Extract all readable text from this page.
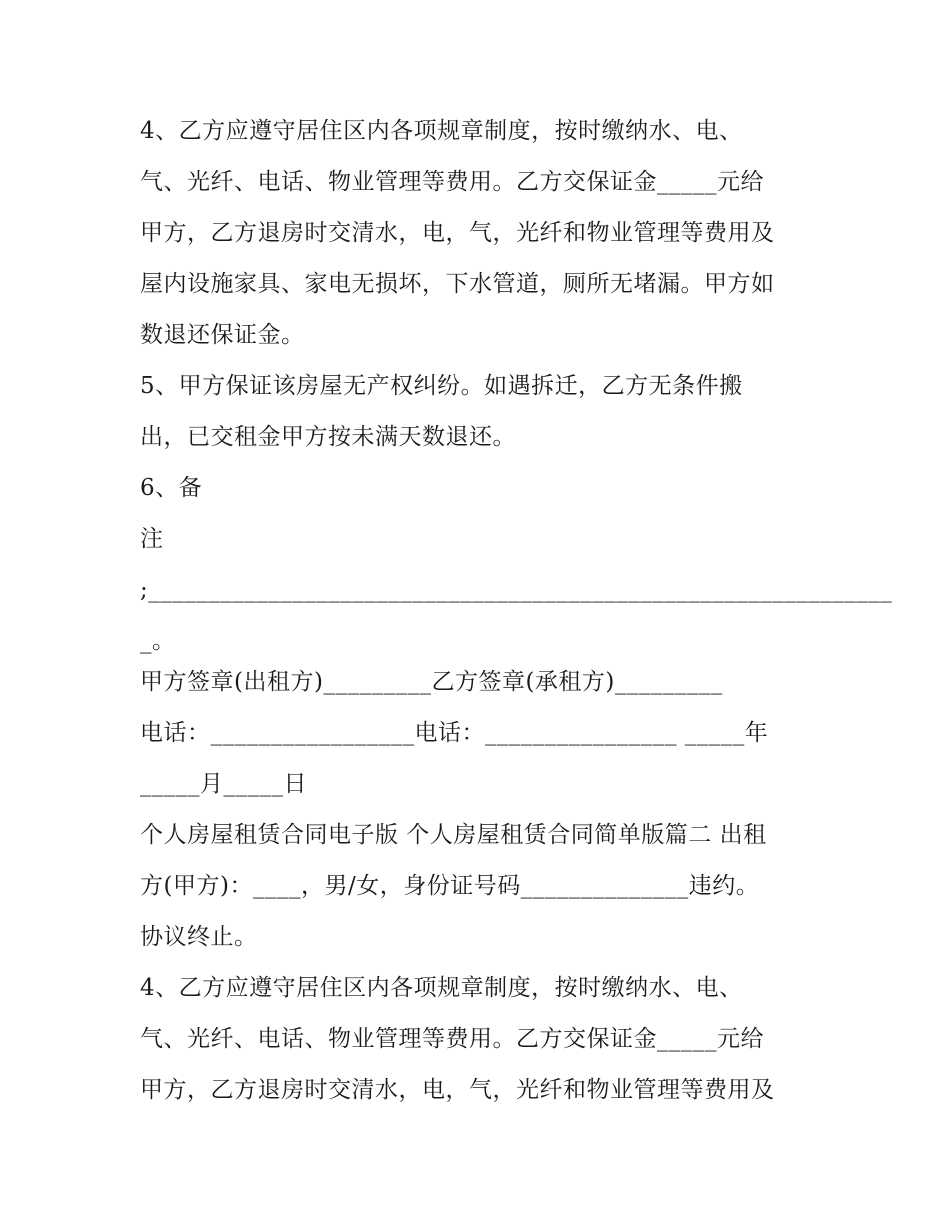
4、乙方应遵守居住区内各项规章制度，按时缴纳水、电、
气、光纤、电话、物业管理等费用。乙方交保证金_____元给
甲方，乙方退房时交清水，电，气，光纤和物业管理等费用及
屋内设施家具、家电无损坏，下水管道，厕所无堵漏。甲方如
数退还保证金。
5、甲方保证该房屋无产权纠纷。如遇拆迁，乙方无条件搬
出，已交租金甲方按未满天数退还。
6、备
注
;______________________________________________________________
_。
甲方签章(出租方)_________乙方签章(承租方)_________
电话：_________________电话：________________ _____年
_____月_____日
个人房屋租赁合同电子版 个人房屋租赁合同简单版篇二 出租
方(甲方)：____，男/女，身份证号码______________违约。
协议终止。
4、乙方应遵守居住区内各项规章制度，按时缴纳水、电、
气、光纤、电话、物业管理等费用。乙方交保证金_____元给
甲方，乙方退房时交清水，电，气，光纤和物业管理等费用及
